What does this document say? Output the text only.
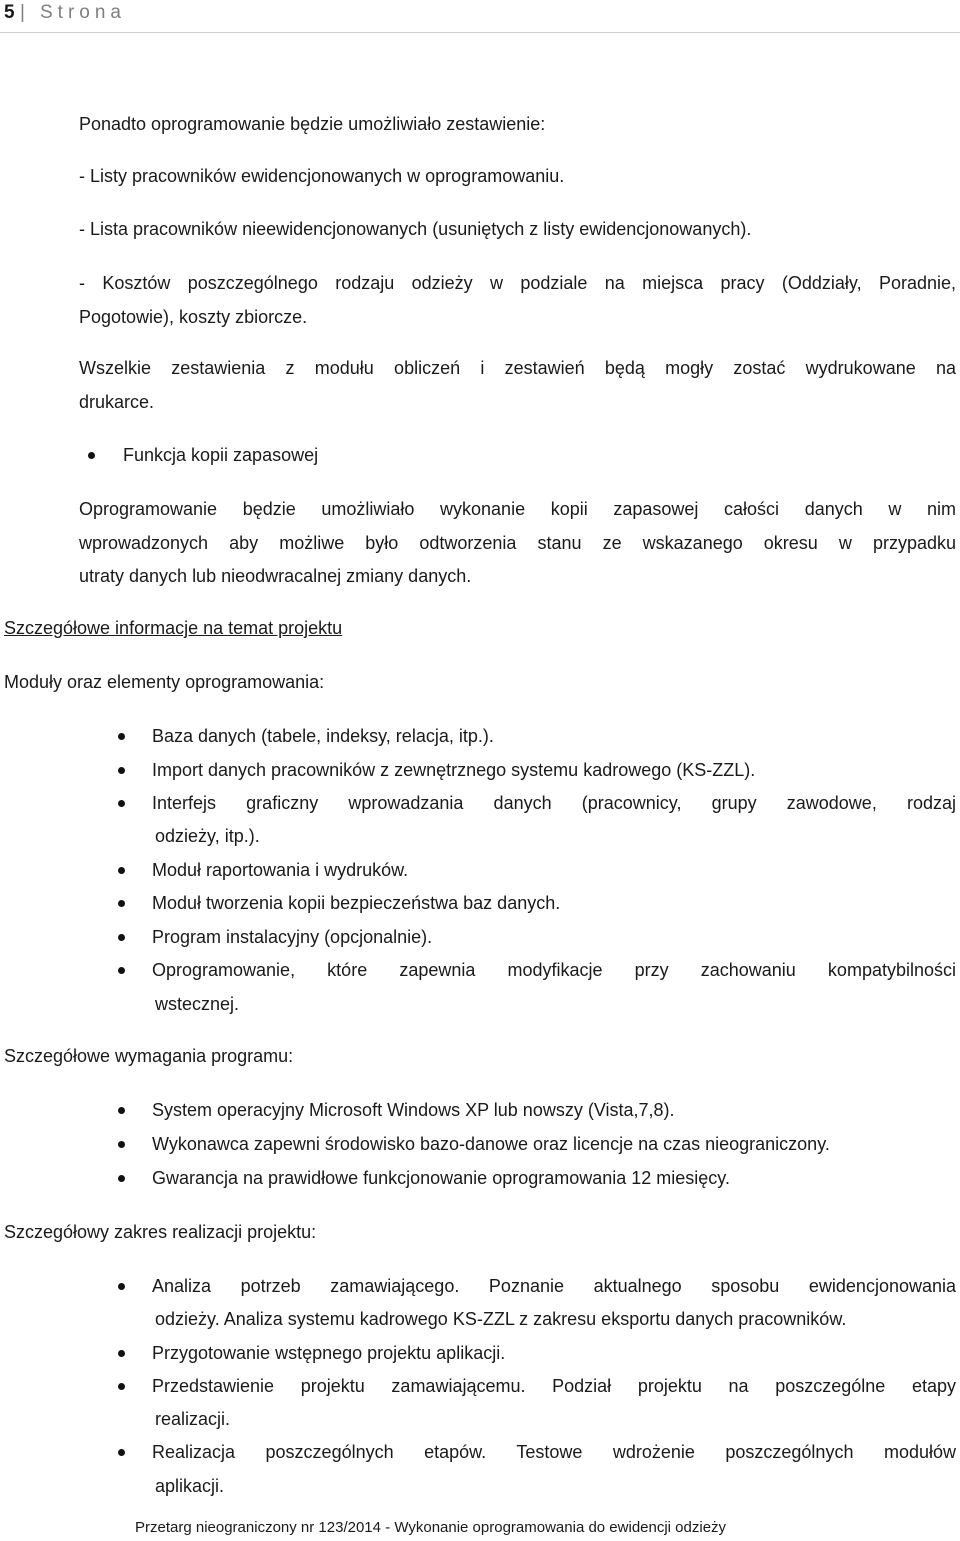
5 | Strona
Ponadto oprogramowanie będzie umożliwiało zestawienie:
- Listy pracowników ewidencjonowanych w oprogramowaniu.
- Lista pracowników nieewidencjonowanych (usuniętych z listy ewidencjonowanych).
- Kosztów poszczególnego rodzaju odzieży w podziale na miejsca pracy (Oddziały, Poradnie,
Pogotowie), koszty zbiorcze.
Wszelkie zestawienia z modułu obliczeń i zestawień będą mogły zostać wydrukowane na
drukarce.
Funkcja kopii zapasowej
Oprogramowanie będzie umożliwiało wykonanie kopii zapasowej całości danych w nim
wprowadzonych aby możliwe było odtworzenia stanu ze wskazanego okresu w przypadku
utraty danych lub nieodwracalnej zmiany danych.
Szczegółowe informacje na temat projektu
Moduły oraz elementy oprogramowania:
Baza danych (tabele, indeksy, relacja, itp.).
Import danych pracowników z zewnętrznego systemu kadrowego (KS-ZZL).
Interfejs graficzny wprowadzania danych (pracownicy, grupy zawodowe, rodzaj
odzieży, itp.).
Moduł raportowania i wydruków.
Moduł tworzenia kopii bezpieczeństwa baz danych.
Program instalacyjny (opcjonalnie).
Oprogramowanie, które zapewnia modyfikacje przy zachowaniu kompatybilności
wstecznej.
Szczegółowe wymagania programu:
System operacyjny Microsoft Windows XP lub nowszy (Vista,7,8).
Wykonawca zapewni środowisko bazo-danowe oraz licencje na czas nieograniczony.
Gwarancja na prawidłowe funkcjonowanie oprogramowania 12 miesięcy.
Szczegółowy zakres realizacji projektu:
Analiza potrzeb zamawiającego. Poznanie aktualnego sposobu ewidencjonowania
odzieży. Analiza systemu kadrowego KS-ZZL z zakresu eksportu danych pracowników.
Przygotowanie wstępnego projektu aplikacji.
Przedstawienie projektu zamawiającemu. Podział projektu na poszczególne etapy
realizacji.
Realizacja poszczególnych etapów. Testowe wdrożenie poszczególnych modułów
aplikacji.
Przetarg nieograniczony nr 123/2014 - Wykonanie oprogramowania do ewidencji odzieży
